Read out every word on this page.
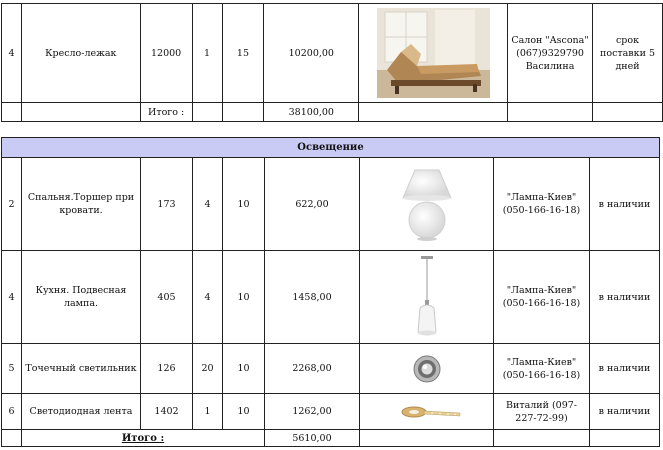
4	Кресло-лежак	12000	1	15	10200,00		Салон "Ascona" (067)9329790 Василина	срок поставки 5 дней
		Итого :			38100,00			
Освещение								
2	Спальня.Торшер при кровати.	173	4	10	622,00		"Лампа-Киев" (050-166-16-18)	в наличии
4	Кухня. Подвесная лампа.	405	4	10	1458,00		"Лампа-Киев" (050-166-16-18)	в наличии
5	Точечный светильник	126	20	10	2268,00		"Лампа-Киев" (050-166-16-18)	в наличии
6	Светодиодная лента	1402	1	10	1262,00		Виталий (097-227-72-99)	в наличии
	Итого :				5610,00			
